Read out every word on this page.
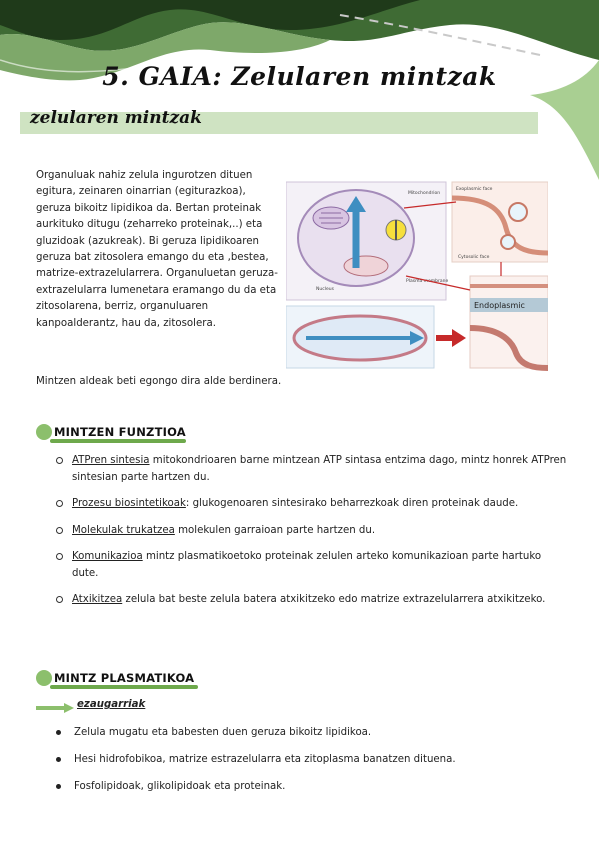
5. GAIA: Zelularen mintzak
zelularen mintzak

Organuluak nahiz zelula ingurotzen dituen egitura, zeinaren oinarrian (egiturazkoa), geruza bikoitz lipidikoa da. Bertan proteinak aurkituko ditugu (zeharreko proteinak,..) eta gluzidoak (azukreak). Bi geruza lipidikoaren geruza bat zitosolera emango du eta ,bestea, matrize-extrazelularrera. Organuluetan geruza-extrazelularra lumenetara eramango du da eta zitosolarena, berriz, organuluaren kanpoalderantz, hau da, zitosolera.

Mintzen aldeak beti egongo dira alde berdinera.

Mitochondrion
Plasma membrane
Nucleus
Exoplasmic face
Cytosolic face
Endoplasmic
MINTZEN FUNZTIOA
ATPren sintesia mitokondrioaren barne mintzean ATP sintasa entzima dago, mintz honrek ATPren sintesian parte hartzen du.
Prozesu biosintetikoak: glukogenoaren sintesirako beharrezkoak diren proteinak daude.
Molekulak trukatzea molekulen garraioan parte hartzen du.
Komunikazioa mintz plasmatikoetoko proteinak zelulen arteko komunikazioan parte hartuko dute.
Atxikitzea zelula bat beste zelula batera atxikitzeko edo matrize extrazelularrera atxikitzeko.
MINTZ PLASMATIKOA
ezaugarriak
Zelula mugatu eta babesten duen geruza bikoitz lipidikoa.
Hesi hidrofobikoa, matrize estrazelularra eta zitoplasma banatzen dituena.
Fosfolipidoak, glikolipidoak eta proteinak.
